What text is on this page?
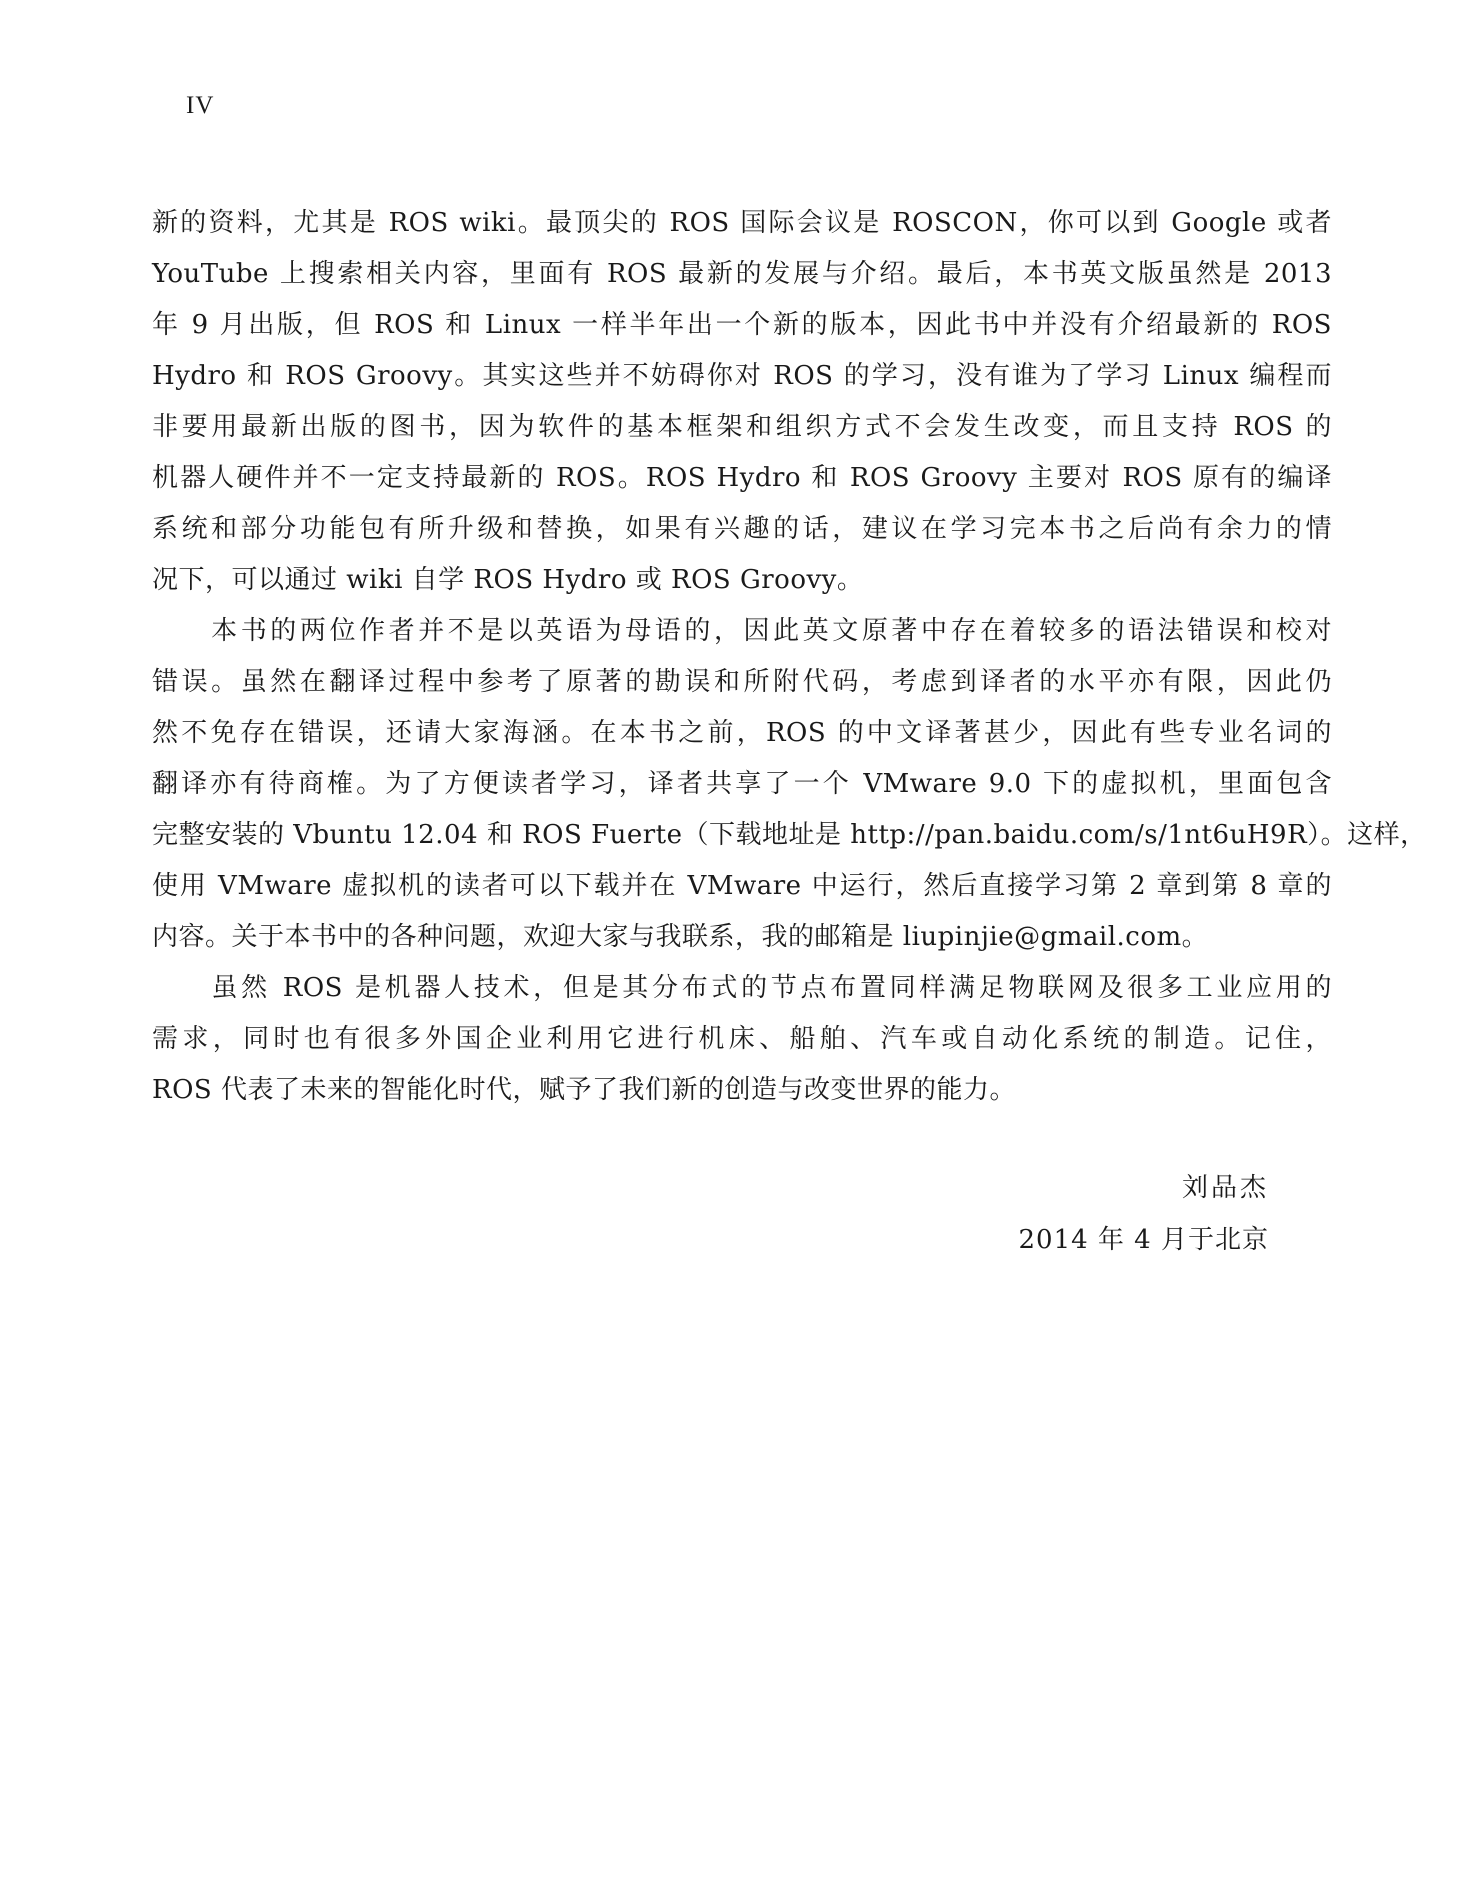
IV
新的资料，尤其是 ROS wiki。最顶尖的 ROS 国际会议是 ROSCON，你可以到 Google 或者
YouTube 上搜索相关内容，里面有 ROS 最新的发展与介绍。最后，本书英文版虽然是 2013
年 9 月出版，但 ROS 和 Linux 一样半年出一个新的版本，因此书中并没有介绍最新的 ROS
Hydro 和 ROS Groovy。其实这些并不妨碍你对 ROS 的学习，没有谁为了学习 Linux 编程而
非要用最新出版的图书，因为软件的基本框架和组织方式不会发生改变，而且支持 ROS 的
机器人硬件并不一定支持最新的 ROS。ROS Hydro 和 ROS Groovy 主要对 ROS 原有的编译
系统和部分功能包有所升级和替换，如果有兴趣的话，建议在学习完本书之后尚有余力的情
况下，可以通过 wiki 自学 ROS Hydro 或 ROS Groovy。
　　本书的两位作者并不是以英语为母语的，因此英文原著中存在着较多的语法错误和校对
错误。虽然在翻译过程中参考了原著的勘误和所附代码，考虑到译者的水平亦有限，因此仍
然不免存在错误，还请大家海涵。在本书之前，ROS 的中文译著甚少，因此有些专业名词的
翻译亦有待商榷。为了方便读者学习，译者共享了一个 VMware 9.0 下的虚拟机，里面包含
完整安装的 Vbuntu 12.04 和 ROS Fuerte（下载地址是 http://pan.baidu.com/s/1nt6uH9R）。这样，
使用 VMware 虚拟机的读者可以下载并在 VMware 中运行，然后直接学习第 2 章到第 8 章的
内容。关于本书中的各种问题，欢迎大家与我联系，我的邮箱是 liupinjie@gmail.com。
　　虽然 ROS 是机器人技术，但是其分布式的节点布置同样满足物联网及很多工业应用的
需求，同时也有很多外国企业利用它进行机床、船舶、汽车或自动化系统的制造。记住，
ROS 代表了未来的智能化时代，赋予了我们新的创造与改变世界的能力。
刘品杰
2014 年 4 月于北京
